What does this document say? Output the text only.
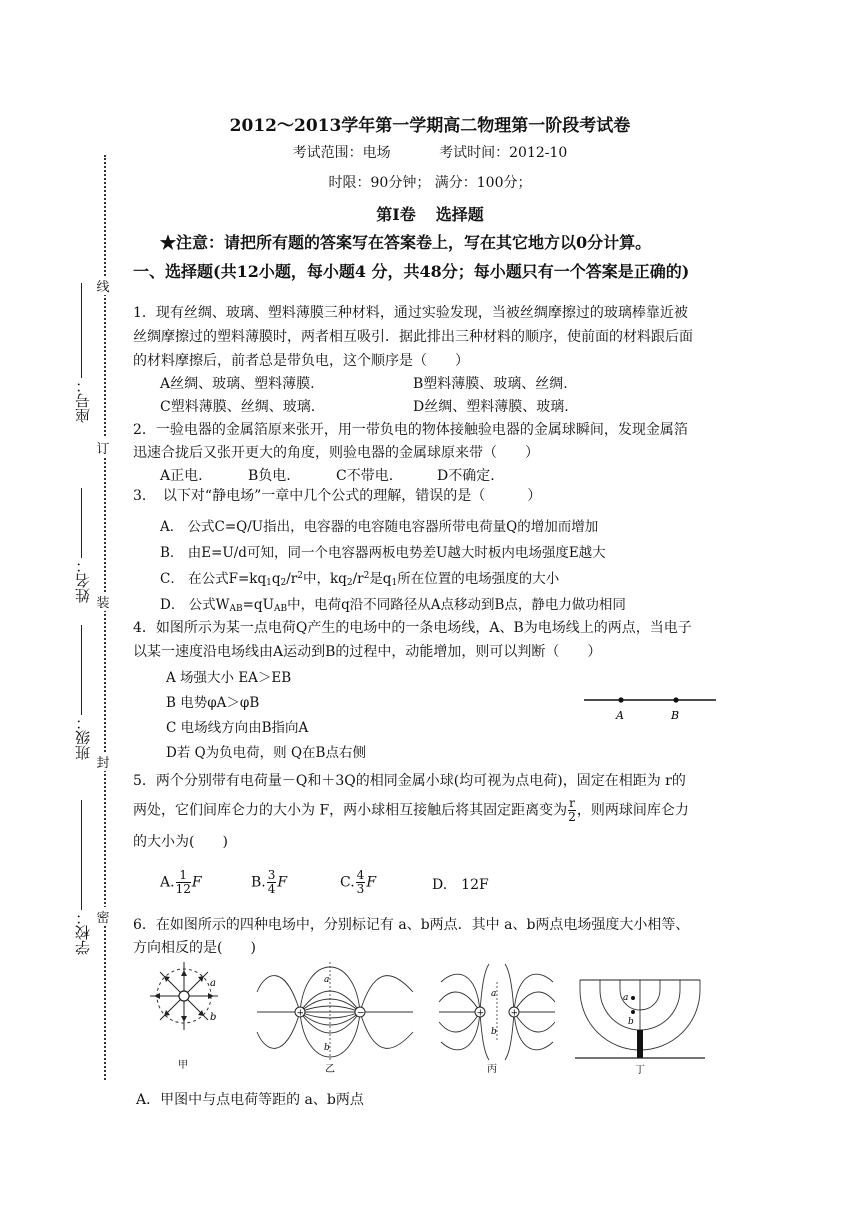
线
订
装
封
密
座号：
姓名：
班级：
学校：
2012～2013学年第一学期高二物理第一阶段考试卷
考试范围：电场	考试时间：2012-10
时限：90分钟； 满分：100分；
第Ⅰ卷 选择题
★注意：请把所有题的答案写在答案卷上，写在其它地方以0分计算。
一、选择题(共12小题，每小题4 分，共48分；每小题只有一个答案是正确的)
1．现有丝绸、玻璃、塑料薄膜三种材料，通过实验发现，当被丝绸摩擦过的玻璃棒靠近被
丝绸摩擦过的塑料薄膜时，两者相互吸引．据此排出三种材料的顺序，使前面的材料跟后面
的材料摩擦后，前者总是带负电，这个顺序是（　　）
A丝绸、玻璃、塑料薄膜.	B塑料薄膜、玻璃、丝绸.
C塑料薄膜、丝绸、玻璃.	D丝绸、塑料薄膜、玻璃.
2．一验电器的金属箔原来张开，用一带负电的物体接触验电器的金属球瞬间，发现金属箔
迅速合拢后又张开更大的角度，则验电器的金属球原来带（　　）
A正电.	B负电.	C不带电.	D不确定.
3．　以下对“静电场”一章中几个公式的理解，错误的是（　　　）
A． 公式C=Q/U指出，电容器的电容随电容器所带电荷量Q的增加而增加
B． 由E=U/d可知，同一个电容器两板电势差U越大时板内电场强度E越大
C． 在公式$F=kq_1q_2/r^2$中，$kq_2/r^2$是$q_1$所在位置的电场强度的大小
D． 公式$W_{AB}=qU_{AB}$中，电荷q沿不同路径从A点移动到B点，静电力做功相同
4．如图所示为某一点电荷Q产生的电场中的一条电场线，A、B为电场线上的两点，当电子
以某一速度沿电场线由A运动到B的过程中，动能增加，则可以判断（　　）
A 场强大小 EA＞EB
B 电势φA＞φB
C 电场线方向由B指向A
D若 Q为负电荷，则 Q在B点右侧
A	B
5．两个分别带有电荷量－Q和＋3Q的相同金属小球(均可视为点电荷)，固定在相距为 r的
两处，它们间库仑力的大小为 F，两小球相互接触后将其固定距离变为 $\frac{r}{2}$ ，则两球间库仑力
的大小为(　　)
A. $\frac{1}{12}$ F	B. $\frac{3}{4}$ F	C. $\frac{4}{3}$ F	D.　12F
6．在如图所示的四种电场中，分别标记有 a、b两点．其中 a、b两点电场强度大小相等、
方向相反的是(　　)
a
b
甲
+	−
a
b
乙
+	+
a
b
丙
a
b
丁
A．甲图中与点电荷等距的 a、b两点
